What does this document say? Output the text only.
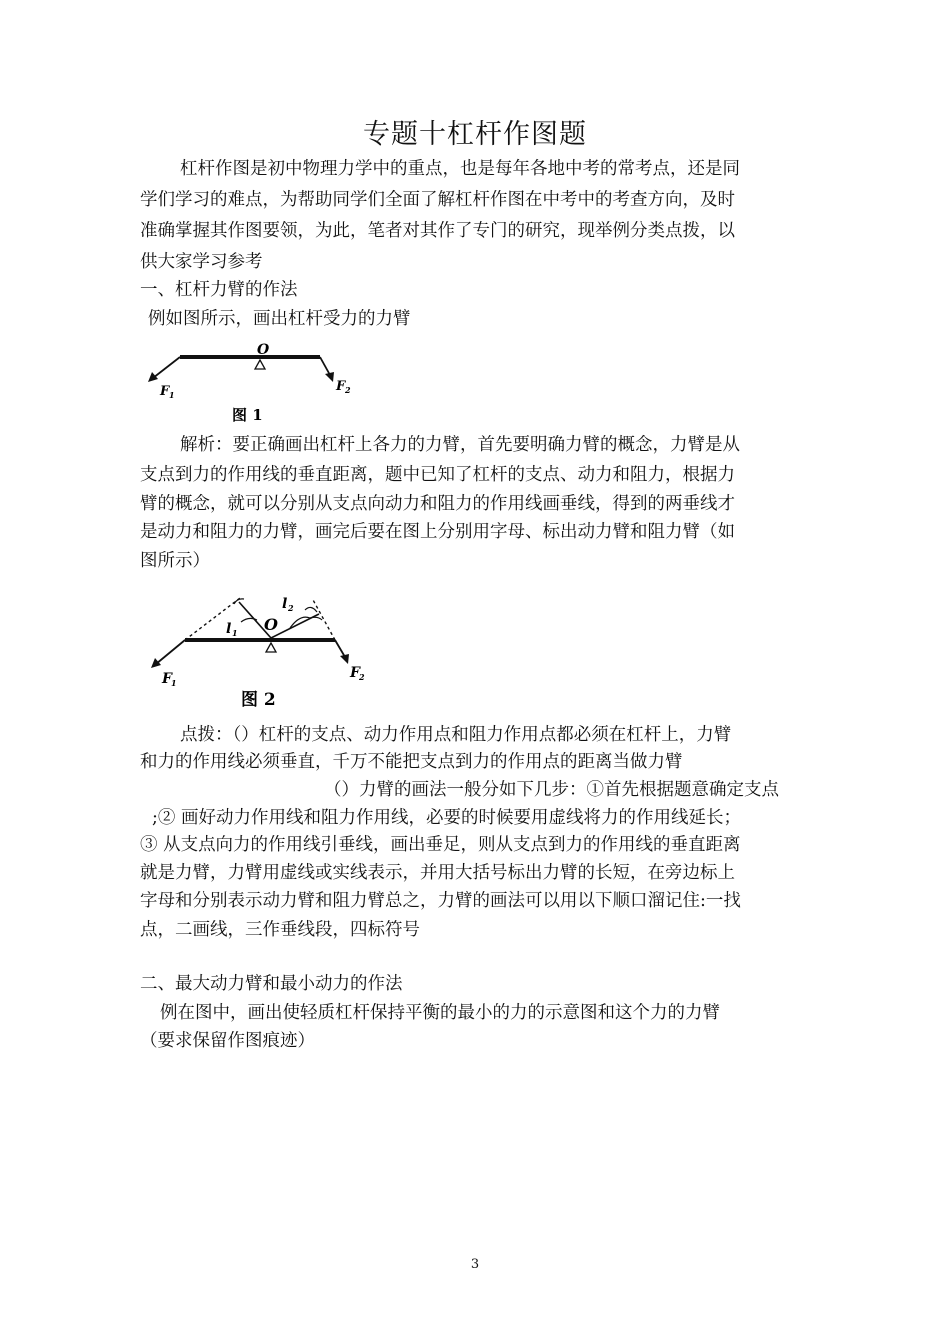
专题十杠杆作图题
杠杆作图是初中物理力学中的重点，也是每年各地中考的常考点，还是同
学们学习的难点，为帮助同学们全面了解杠杆作图在中考中的考查方向，及时
准确掌握其作图要领，为此，笔者对其作了专门的研究，现举例分类点拨，以
供大家学习参考
一、杠杆力臂的作法
例如图所示，画出杠杆受力的力臂
O
F 1
F 2
图 1
解析：要正确画出杠杆上各力的力臂，首先要明确力臂的概念，力臂是从
支点到力的作用线的垂直距离，题中已知了杠杆的支点、动力和阻力，根据力
臂的概念，就可以分别从支点向动力和阻力的作用线画垂线，得到的两垂线才
是动力和阻力的力臂，画完后要在图上分别用字母、标出动力臂和阻力臂（如
图所示）
O
l 1
l 2
F 1
F 2
图 2
点拨：（）杠杆的支点、动力作用点和阻力作用点都必须在杠杆上，力臂
和力的作用线必须垂直，千万不能把支点到力的作用点的距离当做力臂
（）力臂的画法一般分如下几步：①首先根据题意确定支点
;② 画好动力作用线和阻力作用线，必要的时候要用虚线将力的作用线延长；
③ 从支点向力的作用线引垂线，画出垂足，则从支点到力的作用线的垂直距离
就是力臂，力臂用虚线或实线表示，并用大括号标出力臂的长短，在旁边标上
字母和分别表示动力臂和阻力臂总之，力臂的画法可以用以下顺口溜记住:一找
点，二画线，三作垂线段，四标符号
二、最大动力臂和最小动力的作法
例在图中，画出使轻质杠杆保持平衡的最小的力的示意图和这个力的力臂
（要求保留作图痕迹）
3
